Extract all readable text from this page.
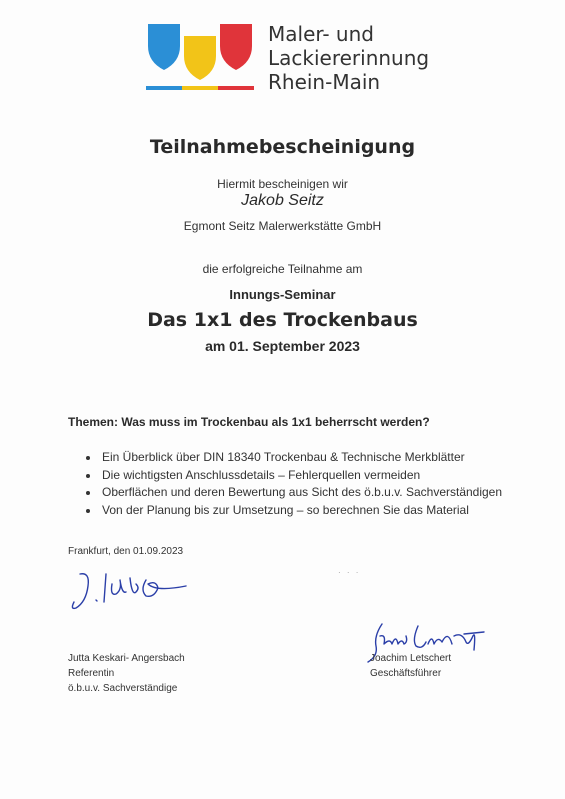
Maler- und
Lackiererinnung
Rhein-Main
Teilnahmebescheinigung
Hiermit bescheinigen wir
Jakob Seitz
Egmont Seitz Malerwerkstätte GmbH
die erfolgreiche Teilnahme am
Innungs-Seminar
Das 1x1 des Trockenbaus
am 01. September 2023
Themen: Was muss im Trockenbau als 1x1 beherrscht werden?
Ein Überblick über DIN 18340 Trockenbau & Technische Merkblätter
Die wichtigsten Anschlussdetails – Fehlerquellen vermeiden
Oberflächen und deren Bewertung aus Sicht des ö.b.u.v. Sachverständigen
Von der Planung bis zur Umsetzung – so berechnen Sie das Material
Frankfurt, den 01.09.2023
· · ·
Jutta Keskari- Angersbach
Referentin
ö.b.u.v. Sachverständige
Joachim Letschert
Geschäftsführer
